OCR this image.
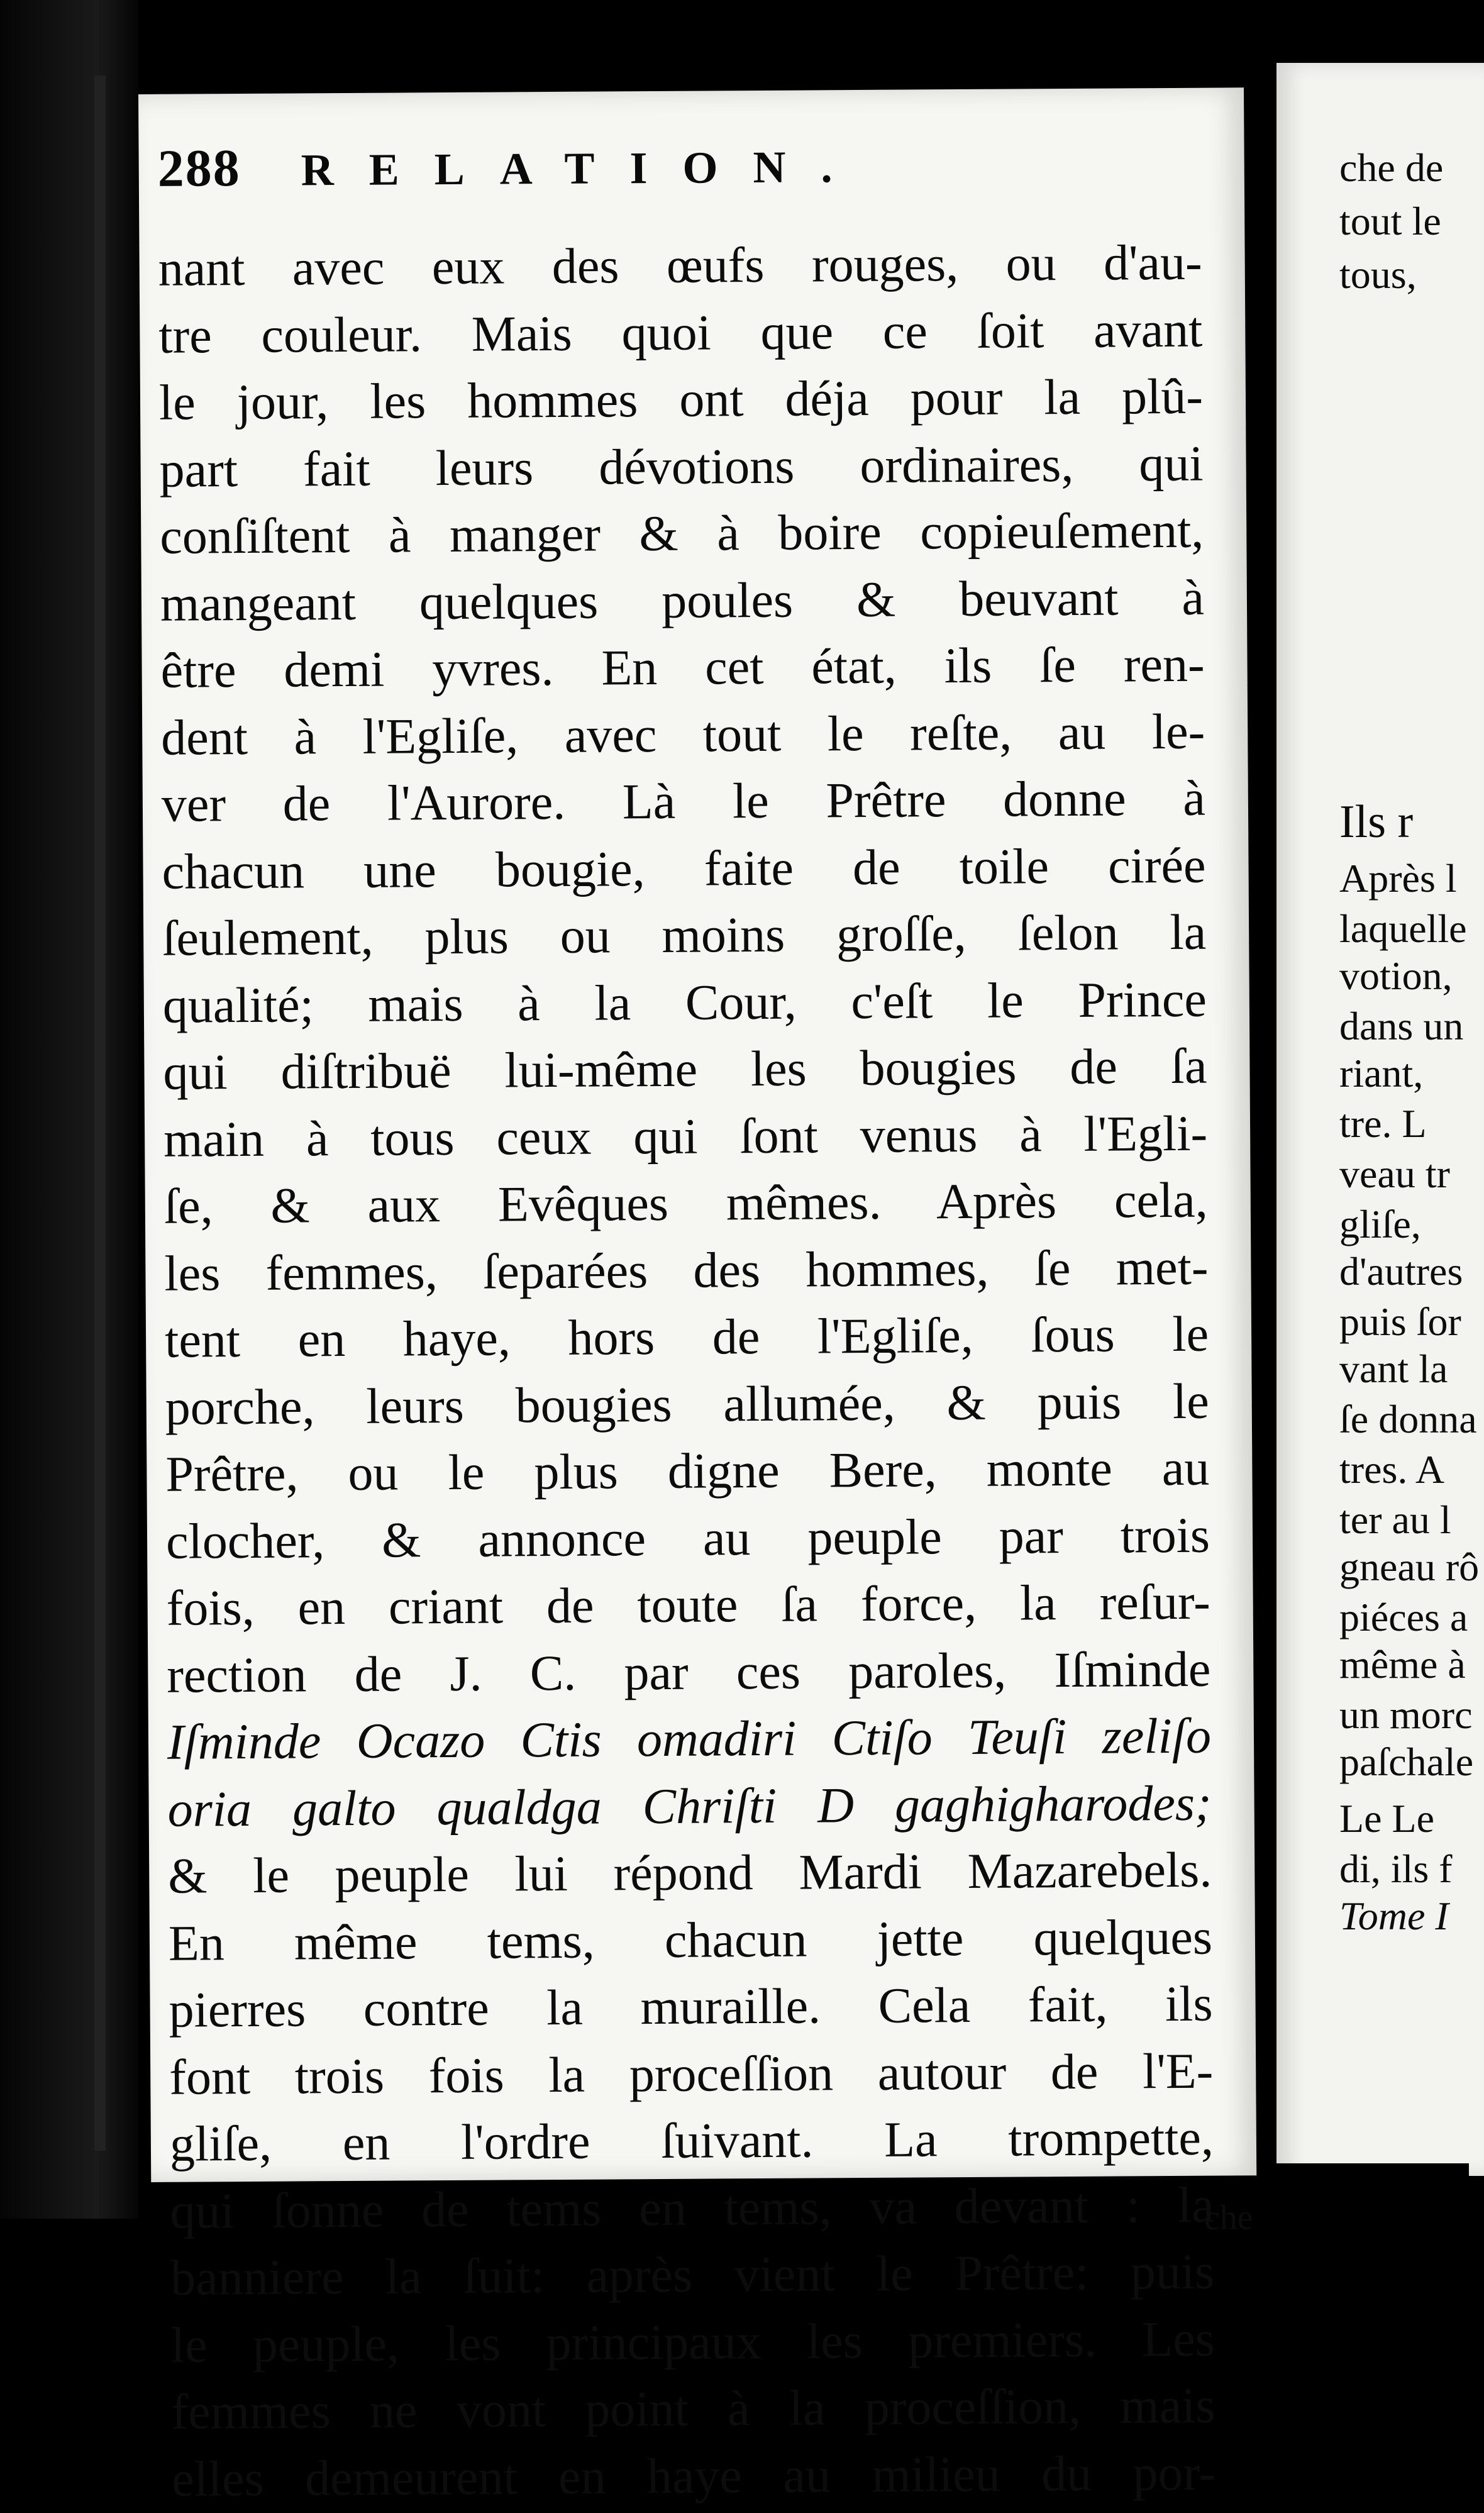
288 RELATION.
nant avec eux des œufs rouges, ou d'au-
tre couleur. Mais quoi que ce ſoit avant
le jour, les hommes ont déja pour la plû-
part fait leurs dévotions ordinaires, qui
conſiſtent à manger & à boire copieuſement,
mangeant quelques poules & beuvant à
être demi yvres. En cet état, ils ſe ren-
dent à l'Egliſe, avec tout le reſte, au le-
ver de l'Aurore. Là le Prêtre donne à
chacun une bougie, faite de toile cirée
ſeulement, plus ou moins groſſe, ſelon la
qualité; mais à la Cour, c'eſt le Prince
qui diſtribuë lui-même les bougies de ſa
main à tous ceux qui ſont venus à l'Egli-
ſe, & aux Evêques mêmes. Après cela,
les femmes, ſeparées des hommes, ſe met-
tent en haye, hors de l'Egliſe, ſous le
porche, leurs bougies allumée, & puis le
Prêtre, ou le plus digne Bere, monte au
clocher, & annonce au peuple par trois
fois, en criant de toute ſa force, la reſur-
rection de J. C. par ces paroles, Iſminde
Iſminde Ocazo Ctis omadiri Ctiſo Teuſi zeliſo
oria galto qualdga Chriſti D gaghigharodes;
& le peuple lui répond Mardi Mazarebels.
En même tems, chacun jette quelques
pierres contre la muraille. Cela fait, ils
font trois fois la proceſſion autour de l'E-
gliſe, en l'ordre ſuivant. La trompette,
qui ſonne de tems en tems, va devant : la
banniere la ſuit: après vient le Prêtre: puis
le peuple, les principaux les premiers. Les
femmes ne vont point à la proceſſion, mais
elles demeurent en haye au milieu du por-
che
che de
tout le
tous,
Ils r
Après l
laquelle
votion,
dans un
riant,
tre. L
veau tr
gliſe,
d'autres
puis ſor
vant la
ſe donna
tres. A
ter au l
gneau rô
piéces a
même à
un morc
paſchale
Le Le
di, ils f
Tome I
